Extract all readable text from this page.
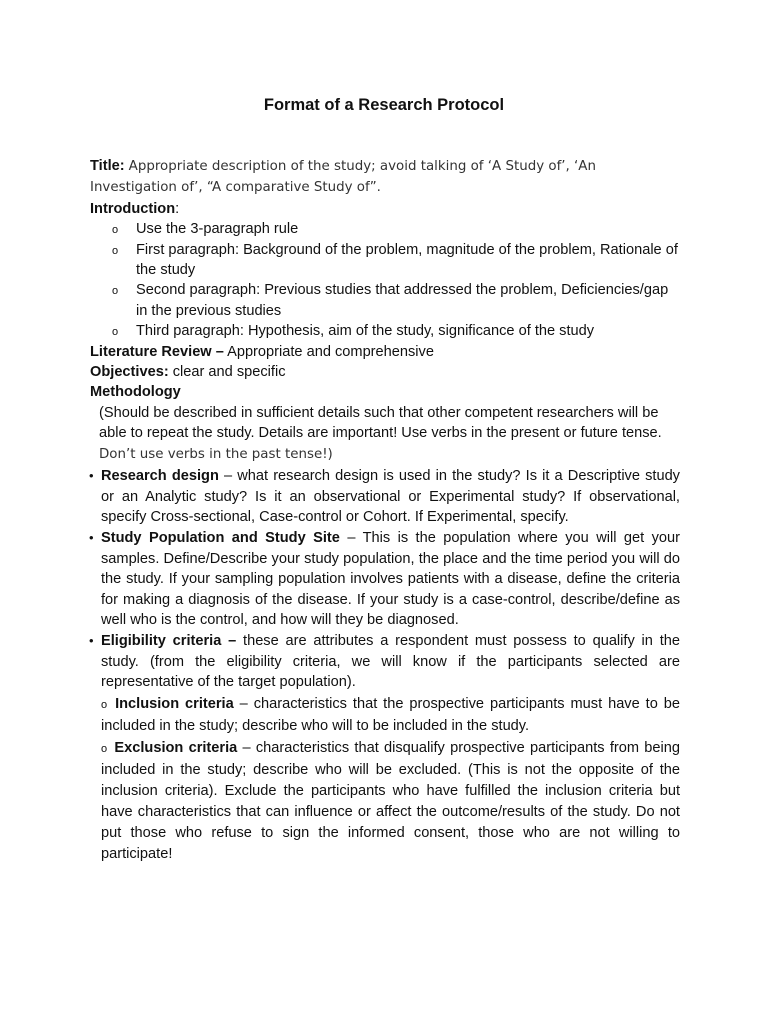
Format of a Research Protocol

Title: Appropriate description of the study; avoid talking of ‘A Study of’, ‘An Investigation of’, “A comparative Study of”.

Introduction:

o Use the 3-paragraph rule
o First paragraph: Background of the problem, magnitude of the problem, Rationale of the study
o Second paragraph: Previous studies that addressed the problem, Deficiencies/gap in the previous studies
o Third paragraph: Hypothesis, aim of the study, significance of the study

Literature Review – Appropriate and comprehensive

Objectives: clear and specific

Methodology

(Should be described in sufficient details such that other competent researchers will be able to repeat the study. Details are important! Use verbs in the present or future tense. Don’t use verbs in the past tense!)

• Research design – what research design is used in the study? Is it a Descriptive study or an Analytic study? Is it an observational or Experimental study? If observational, specify Cross-sectional, Case-control or Cohort. If Experimental, specify.
• Study Population and Study Site – This is the population where you will get your samples. Define/Describe your study population, the place and the time period you will do the study. If your sampling population involves patients with a disease, define the criteria for making a diagnosis of the disease. If your study is a case-control, describe/define as well who is the control, and how will they be diagnosed.
• Eligibility criteria – these are attributes a respondent must possess to qualify in the study. (from the eligibility criteria, we will know if the participants selected are representative of the target population).
o Inclusion criteria – characteristics that the prospective participants must have to be included in the study; describe who will to be included in the study.
o Exclusion criteria – characteristics that disqualify prospective participants from being included in the study; describe who will be excluded. (This is not the opposite of the inclusion criteria). Exclude the participants who have fulfilled the inclusion criteria but have characteristics that can influence or affect the outcome/results of the study. Do not put those who refuse to sign the informed consent, those who are not willing to participate!
